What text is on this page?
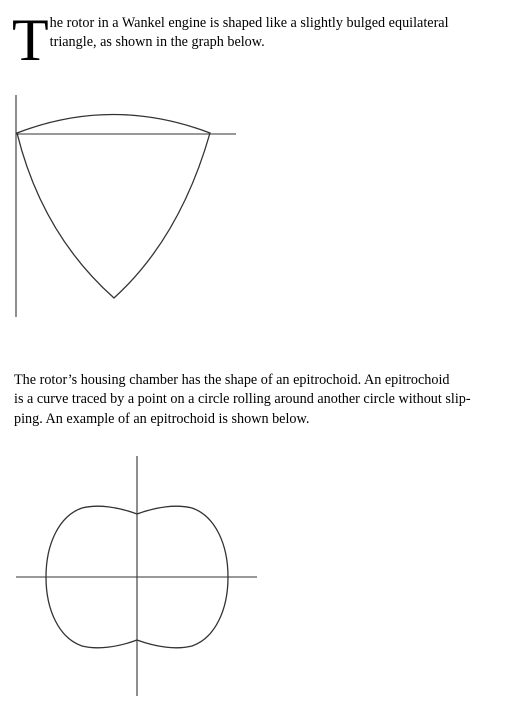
T he rotor in a Wankel engine is shaped like a slightly bulged equilateral
triangle, as shown in the graph below.
The rotor’s housing chamber has the shape of an epitrochoid. An epitrochoid
is a curve traced by a point on a circle rolling around another circle without slip-
ping. An example of an epitrochoid is shown below.
